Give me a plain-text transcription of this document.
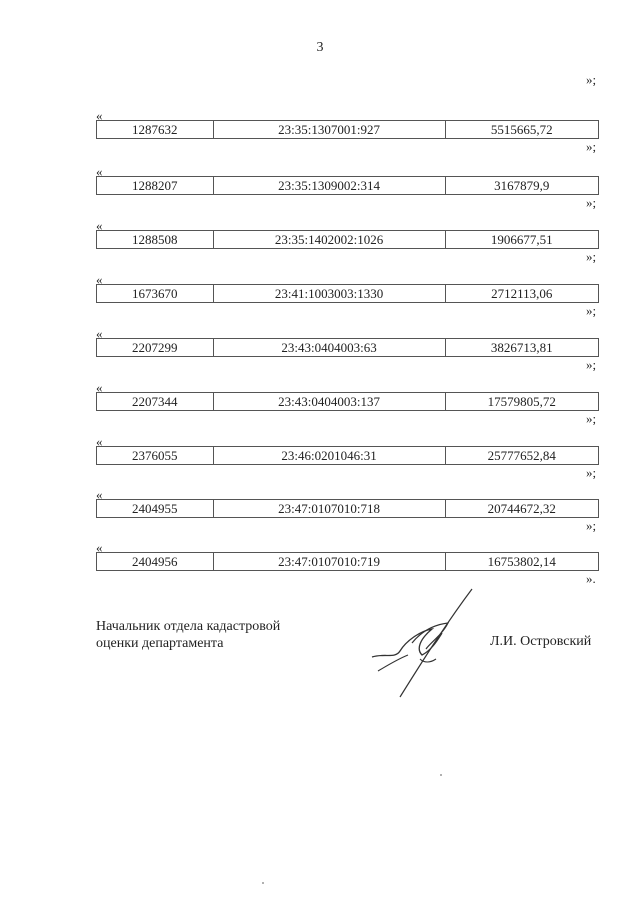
3
»;
«
1287632	23:35:1307001:927	5515665,72
»;
«
1288207	23:35:1309002:314	3167879,9
»;
«
1288508	23:35:1402002:1026	1906677,51
»;
«
1673670	23:41:1003003:1330	2712113,06
»;
«
2207299	23:43:0404003:63	3826713,81
»;
«
2207344	23:43:0404003:137	17579805,72
»;
«
2376055	23:46:0201046:31	25777652,84
»;
«
2404955	23:47:0107010:718	20744672,32
»;
«
2404956	23:47:0107010:719	16753802,14
».
Начальник отдела кадастровой
оценки департамента	Л.И. Островский
